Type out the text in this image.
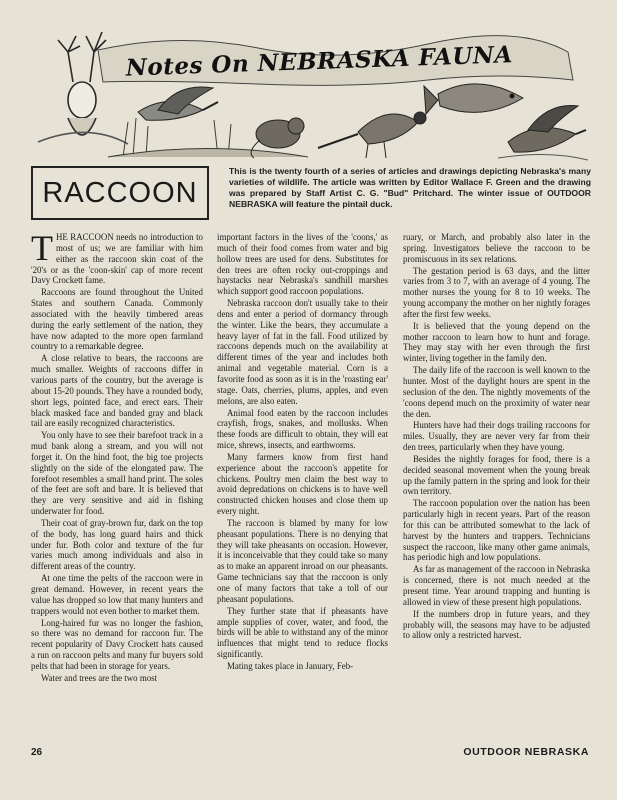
Notes On NEBRASKA FAUNA
RACCOON
This is the twenty fourth of a series of articles and drawings depicting Nebraska's many varieties of wildlife. The article was written by Editor Wallace F. Green and the drawing was prepared by Staff Artist C. G. "Bud" Pritchard. The winter issue of OUTDOOR NEBRASKA will feature the pintail duck.
T HE RACCOON needs no introduction to most of us; we are familiar with him either as the raccoon skin coat of the '20's or as the 'coon-skin' cap of more recent Davy Crockett fame.

Raccoons are found throughout the United States and southern Canada. Commonly associated with the heavily timbered areas during the early settlement of the nation, they have now adapted to the more open farmland country to a remarkable degree.

A close relative to bears, the raccoons are much smaller. Weights of raccoons differ in various parts of the country, but the average is about 15-20 pounds. They have a rounded body, short legs, pointed face, and erect ears. Their black masked face and banded gray and black tail are easily recognized characteristics.

You only have to see their barefoot track in a mud bank along a stream, and you will not forget it. On the hind foot, the big toe projects slightly on the side of the elongated paw. The forefoot resembles a small hand print. The soles of the feet are soft and bare. It is believed that they are very sensitive and aid in fishing underwater for food.

Their coat of gray-brown fur, dark on the top of the body, has long guard hairs and thick under fur. Both color and texture of the fur varies much among individuals and also in different areas of the country.

At one time the pelts of the raccoon were in great demand. However, in recent years the value has dropped so low that many hunters and trappers would not even bother to market them.

Long-haired fur was no longer the fashion, so there was no demand for raccoon fur. The recent popularity of Davy Crockett hats caused a run on raccoon pelts and many fur buyers sold pelts that had been in storage for years.

Water and trees are the two most

important factors in the lives of the 'coons,' as much of their food comes from water and big hollow trees are used for dens. Substitutes for den trees are often rocky out-croppings and haystacks near Nebraska's sandhill marshes which support good raccoon populations.

Nebraska raccoon don't usually take to their dens and enter a period of dormancy through the winter. Like the bears, they accumulate a heavy layer of fat in the fall. Food utilized by raccoons depends much on the availability at different times of the year and includes both animal and vegetable material. Corn is a favorite food as soon as it is in the 'roasting ear' stage. Oats, cherries, plums, apples, and even melons, are also eaten.

Animal food eaten by the raccoon includes crayfish, frogs, snakes, and mollusks. When these foods are difficult to obtain, they will eat mice, shrews, insects, and earthworms.

Many farmers know from first hand experience about the raccoon's appetite for chickens. Poultry men claim the best way to avoid depredations on chickens is to have well constructed chicken houses and close them up every night.

The raccoon is blamed by many for low pheasant populations. There is no denying that they will take pheasants on occasion. However, it is inconceivable that they could take so many as to make an apparent inroad on our pheasants. Game technicians say that the raccoon is only one of many factors that take a toll of our pheasant populations.

They further state that if pheasants have ample supplies of cover, water, and food, the birds will be able to withstand any of the minor influences that might tend to reduce flocks significantly.

Mating takes place in January, Feb-

ruary, or March, and probably also later in the spring. Investigators believe the raccoon to be promiscuous in its sex relations.

The gestation period is 63 days, and the litter varies from 3 to 7, with an average of 4 young. The mother nurses the young for 8 to 10 weeks. The young accompany the mother on her nightly forages after the first few weeks.

It is believed that the young depend on the mother raccoon to learn how to hunt and forage. They may stay with her even through the first winter, living together in the family den.

The daily life of the raccoon is well known to the hunter. Most of the daylight hours are spent in the seclusion of the den. The nightly movements of the 'coons depend much on the proximity of water near the den.

Hunters have had their dogs trailing raccoons for miles. Usually, they are never very far from their den trees, particularly when they have young.

Besides the nightly forages for food, there is a decided seasonal movement when the young break up the family pattern in the spring and look for their own territory.

The raccoon population over the nation has been particularly high in recent years. Part of the reason for this can be attributed somewhat to the lack of harvest by the hunters and trappers. Technicians suspect the raccoon, like many other game animals, has periodic high and low populations.

As far as management of the raccoon in Nebraska is concerned, there is not much needed at the present time. Year around trapping and hunting is allowed in view of these present high populations.

If the numbers drop in future years, and they probably will, the seasons may have to be adjusted to allow only a restricted harvest.

26	OUTDOOR NEBRASKA
